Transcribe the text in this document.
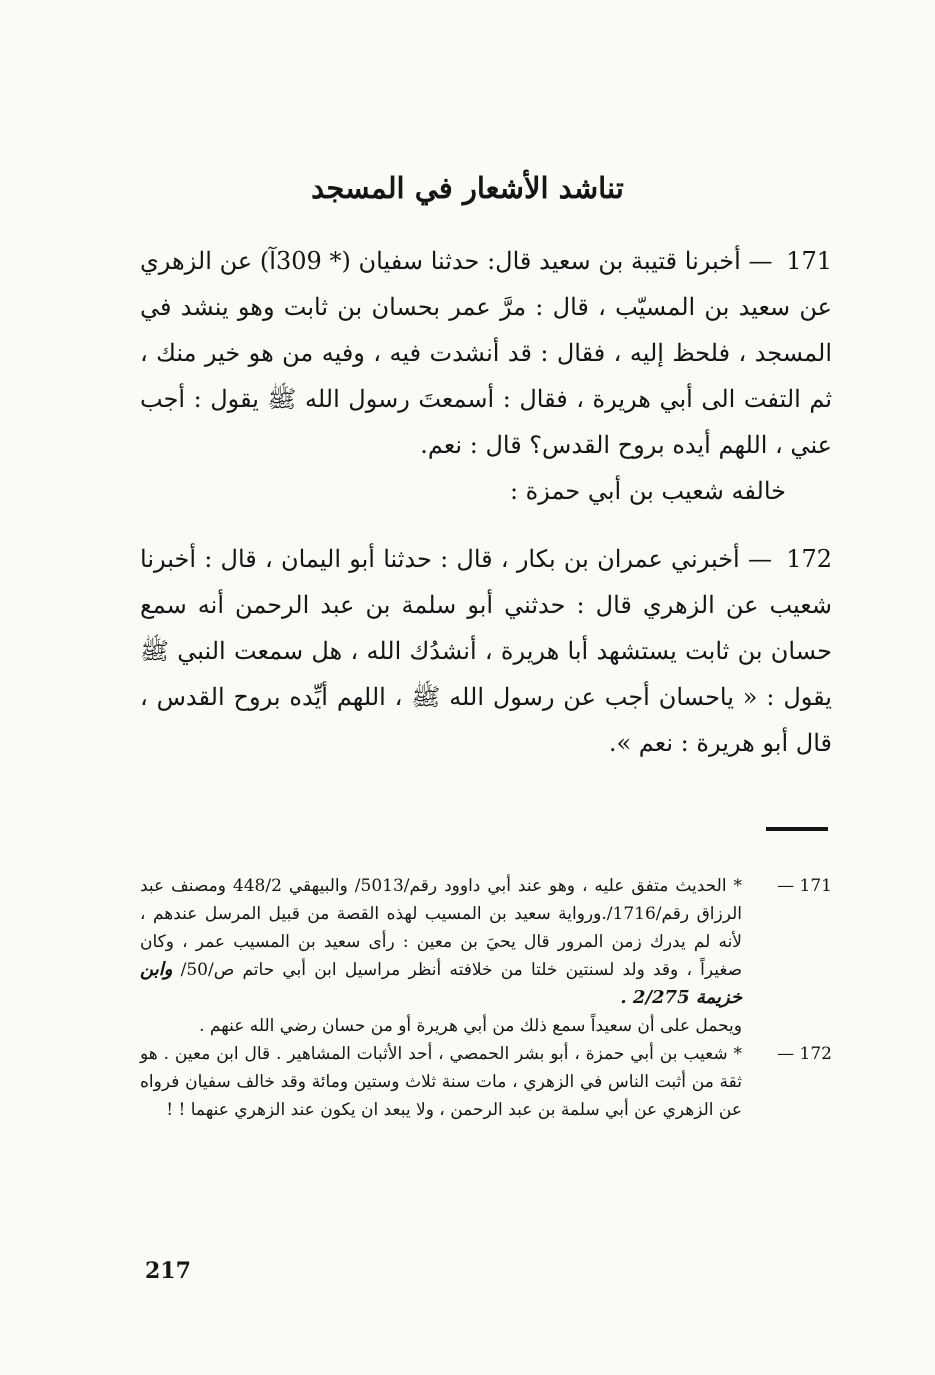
تناشد الأشعار في المسجد

171 — أخبرنا قتيبة بن سعيد قال: حدثنا سفيان (* 309آ) عن الزهري عن سعيد بن المسيّب ، قال : مرَّ عمر بحسان بن ثابت وهو ينشد في المسجد ، فلحظ إليه ، فقال : قد أنشدت فيه ، وفيه من هو خير منك ، ثم التفت الى أبي هريرة ، فقال : أسمعتَ رسول الله ﷺ يقول : أجب عني ، اللهم أيده بروح القدس؟ قال : نعم.

خالفه شعيب بن أبي حمزة :

172 — أخبرني عمران بن بكار ، قال : حدثنا أبو اليمان ، قال : أخبرنا شعيب عن الزهري قال : حدثني أبو سلمة بن عبد الرحمن أنه سمع حسان بن ثابت يستشهد أبا هريرة ، أنشدُك الله ، هل سمعت النبي ﷺ يقول : « ياحسان أجب عن رسول الله ﷺ ، اللهم أيِّده بروح القدس ، قال أبو هريرة : نعم ».

171 —
* الحديث متفق عليه ، وهو عند أبي داوود رقم/5013/ والبيهقي 448/2 ومصنف عبد الرزاق رقم/1716/.ورواية سعيد بن المسيب لهذه القصة من قبيل المرسل عندهم ، لأنه لم يدرك زمن المرور قال يحيَ بن معين : رأى سعيد بن المسيب عمر ، وكان صغيراً ، وقد ولد لسنتين خلتا من خلافته أنظر مراسيل ابن أبي حاتم ص/50/ وابن خزيمة 2/275 .
ويحمل على أن سعيداً سمع ذلك من أبي هريرة أو من حسان رضي الله عنهم .
172 —
* شعيب بن أبي حمزة ، أبو بشر الحمصي ، أحد الأثبات المشاهير . قال ابن معين . هو ثقة من أثبت الناس في الزهري ، مات سنة ثلاث وستين ومائة وقد خالف سفيان فرواه عن الزهري عن أبي سلمة بن عبد الرحمن ، ولا يبعد ان يكون عند الزهري عنهما ! !
217
